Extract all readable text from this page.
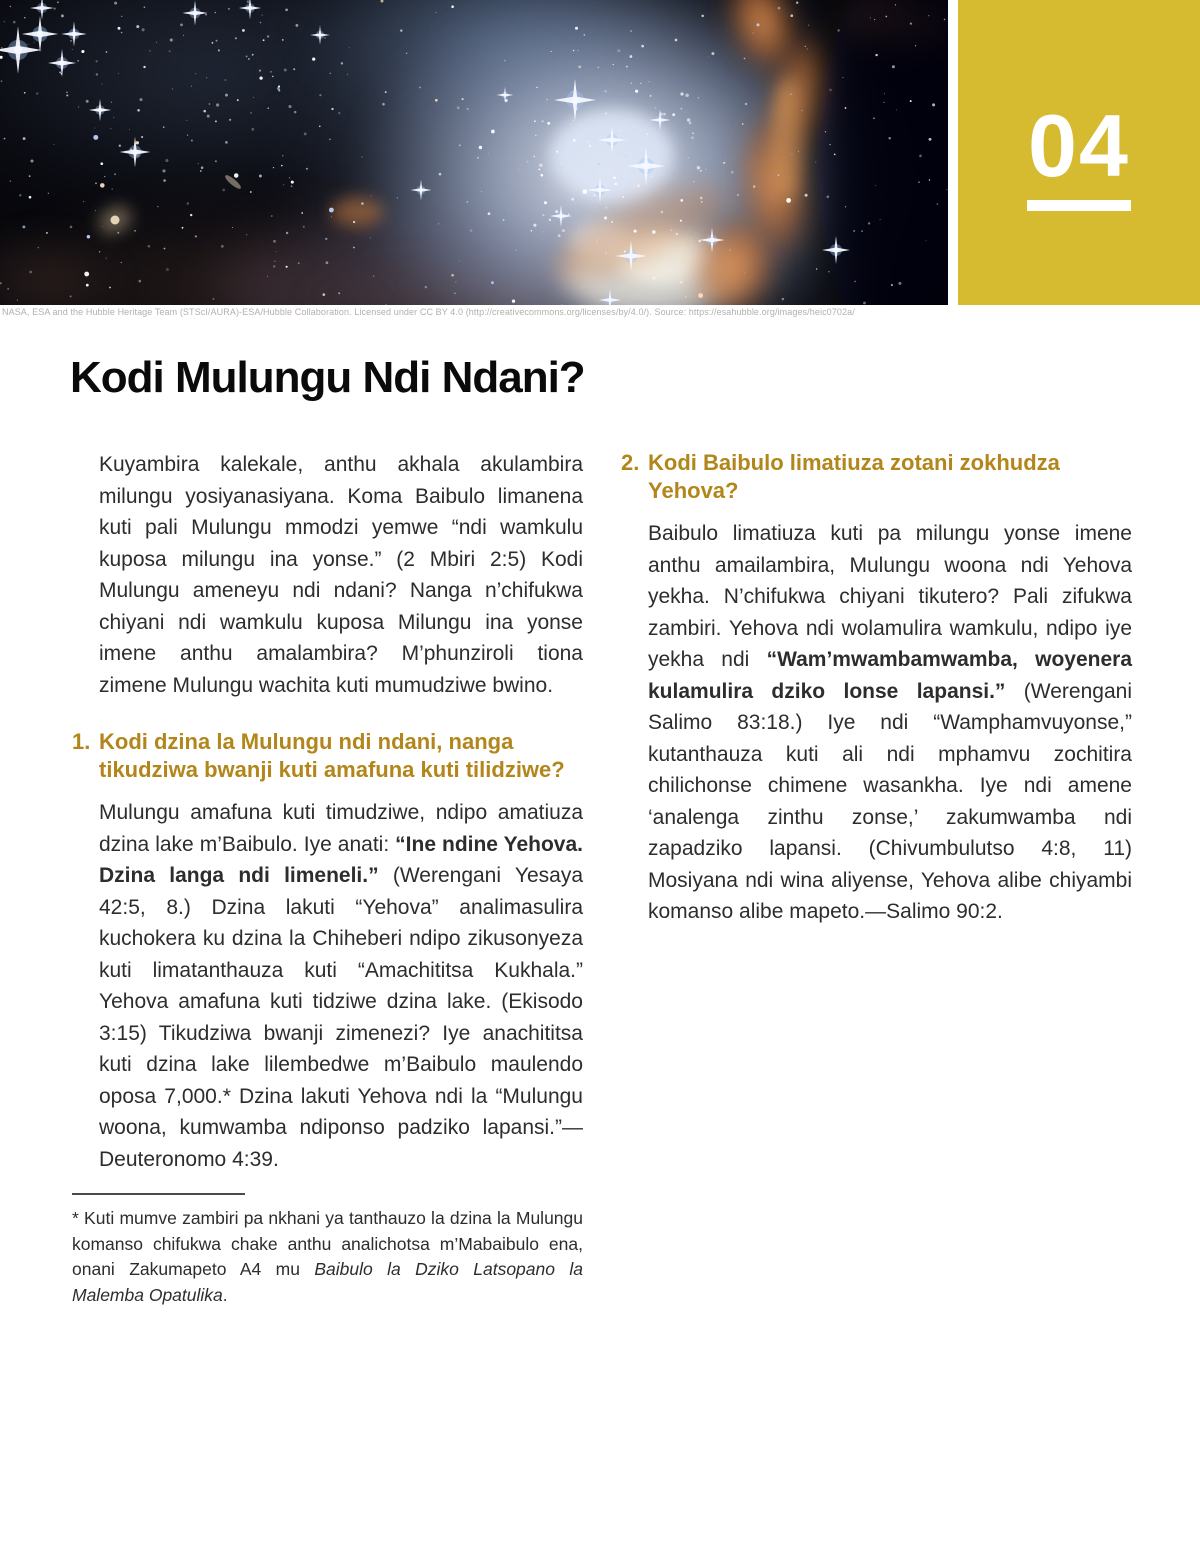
04
NASA, ESA and the Hubble Heritage Team (STScI/AURA)-ESA/Hubble Collaboration. Licensed under CC BY 4.0 (http://creativecommons.org/licenses/by/4.0/). Source: https://esahubble.org/images/heic0702a/
Kodi Mulungu Ndi Ndani?

Kuyambira kalekale, anthu akhala akulambira milungu yosiyanasiyana. Koma Baibulo limanena kuti pali Mulungu mmodzi yemwe “ndi wamkulu kuposa milungu ina yonse.” (2 Mbiri 2:5) Kodi Mulungu ameneyu ndi ndani? Nanga n’chifukwa chiyani ndi wamkulu kuposa Milungu ina yonse imene anthu amalambira? M’phunziroli tiona zimene Mulungu wachita kuti mumudziwe bwino.

1. Kodi dzina la Mulungu ndi ndani, nanga tikudziwa bwanji kuti amafuna kuti tilidziwe?

Mulungu amafuna kuti timudziwe, ndipo amatiuza dzina lake m’Baibulo. Iye anati: “Ine ndine Yehova. Dzina langa ndi limeneli.” (Werengani Yesaya 42:5, 8.) Dzina lakuti “Yehova” analimasulira kuchokera ku dzina la Chiheberi ndipo zikusonyeza kuti limatanthauza kuti “Amachititsa Kukhala.” Yehova amafuna kuti tidziwe dzina lake. (Ekisodo 3:15) Tikudziwa bwanji zimenezi? Iye anachititsa kuti dzina lake lilembedwe m’Baibulo maulendo oposa 7,000.* Dzina lakuti Yehova ndi la “Mulungu woona, kumwamba ndiponso padziko lapansi.”—Deuteronomo 4:39.

* Kuti mumve zambiri pa nkhani ya tanthauzo la dzina la Mulungu komanso chifukwa chake anthu analichotsa m’Mabaibulo ena, onani Zakumapeto A4 mu Baibulo la Dziko Latsopano la Malemba Opatulika.

2. Kodi Baibulo limatiuza zotani zokhudza Yehova?

Baibulo limatiuza kuti pa milungu yonse imene anthu amailambira, Mulungu woona ndi Yehova yekha. N’chifukwa chiyani tikutero? Pali zifukwa zambiri. Yehova ndi wolamulira wamkulu, ndipo iye yekha ndi “Wam’mwambamwamba, woyenera kulamulira dziko lonse lapansi.” (Werengani Salimo 83:18.) Iye ndi “Wamphamvuyonse,” kutanthauza kuti ali ndi mphamvu zochitira chilichonse chimene wasankha. Iye ndi amene ‘analenga zinthu zonse,’ zakumwamba ndi zapadziko lapansi. (Chivumbulutso 4:8, 11) Mosiyana ndi wina aliyense, Yehova alibe chiyambi komanso alibe mapeto.—Salimo 90:2.
